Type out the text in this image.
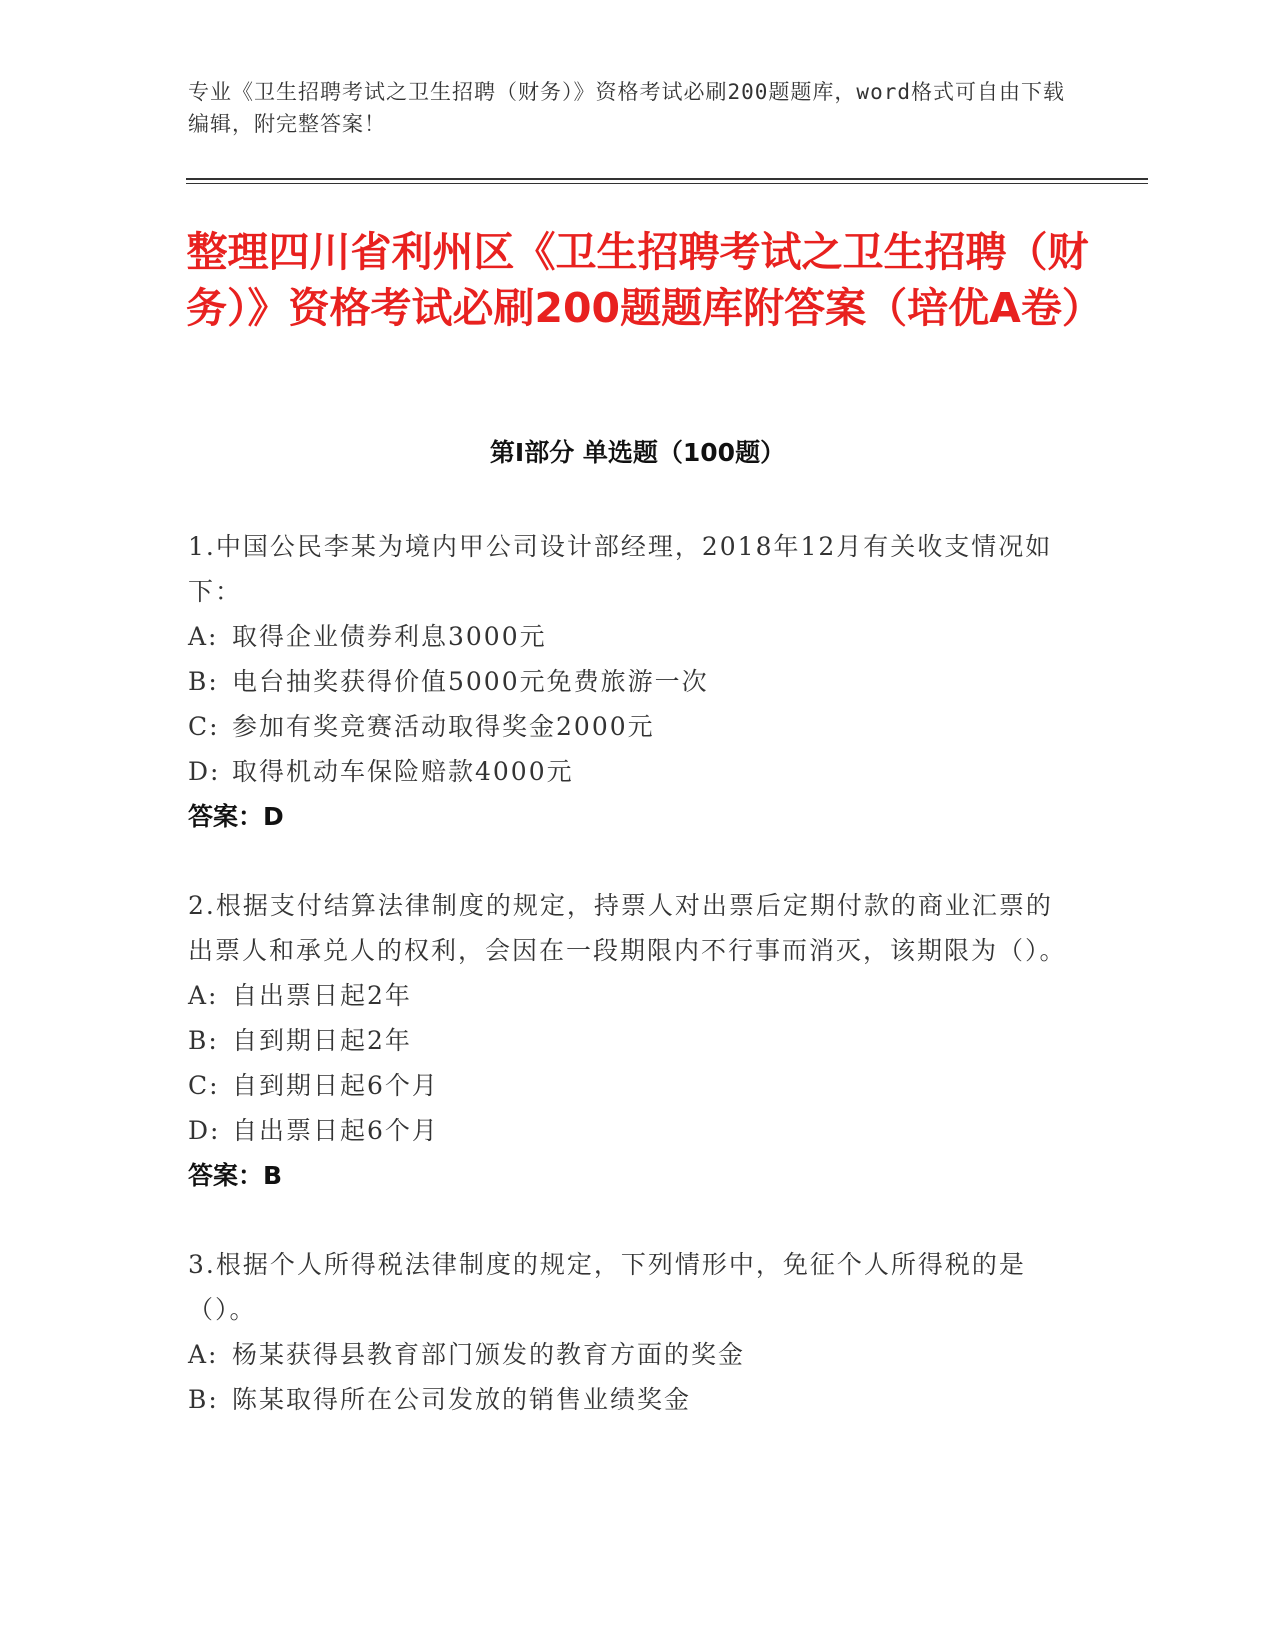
专业《卫生招聘考试之卫生招聘（财务）》资格考试必刷200题题库，word格式可自由下载编辑，附完整答案！
整理四川省利州区《卫生招聘考试之卫生招聘（财务）》资格考试必刷200题题库附答案（培优A卷）
第I部分 单选题（100题）

1.中国公民李某为境内甲公司设计部经理，2018年12月有关收支情况如下：

A: 取得企业债券利息3000元

B: 电台抽奖获得价值5000元免费旅游一次

C: 参加有奖竞赛活动取得奖金2000元

D: 取得机动车保险赔款4000元

答案：D

2.根据支付结算法律制度的规定，持票人对出票后定期付款的商业汇票的出票人和承兑人的权利，会因在一段期限内不行事而消灭，该期限为（）。

A: 自出票日起2年

B: 自到期日起2年

C: 自到期日起6个月

D: 自出票日起6个月

答案：B

3.根据个人所得税法律制度的规定，下列情形中，免征个人所得税的是（）。

A: 杨某获得县教育部门颁发的教育方面的奖金

B: 陈某取得所在公司发放的销售业绩奖金
